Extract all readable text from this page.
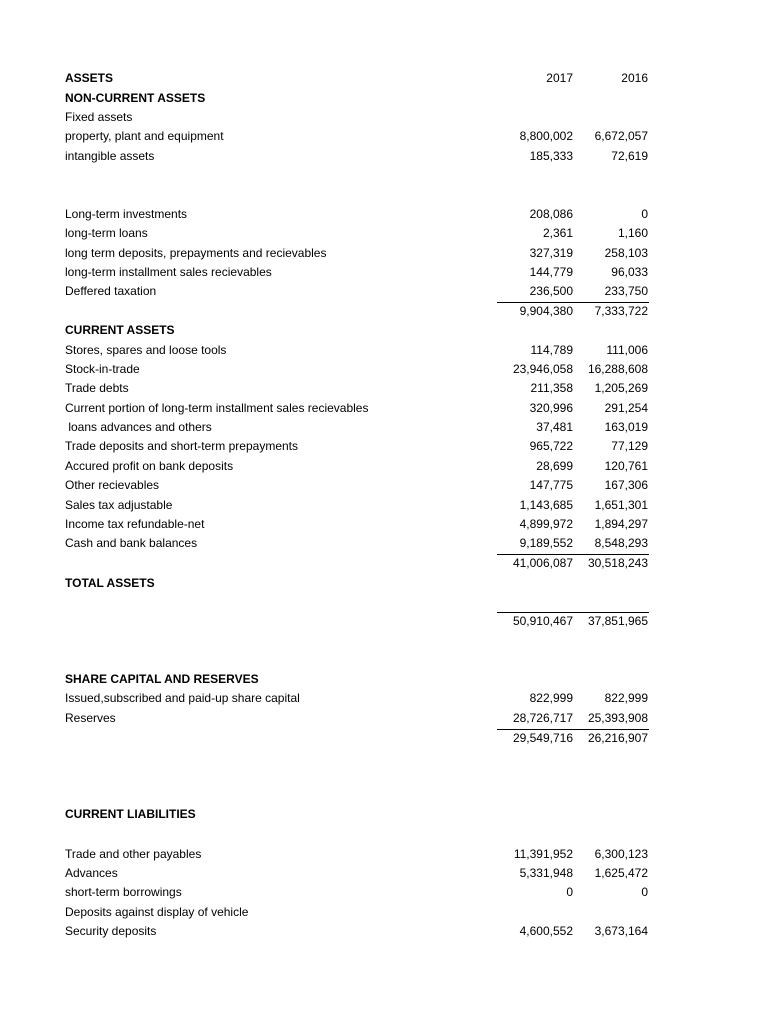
ASSETS	2017	2016
NON-CURRENT ASSETS
Fixed assets
property, plant and equipment	8,800,002 6,672,057
intangible assets	185,333	72,619
Long-term investments	208,086	0
long-term loans	2,361	1,160
long term deposits, prepayments and recievables	327,319	258,103
long-term installment sales recievables	144,779	96,033
Deffered taxation	236,500	233,750
9,904,380 7,333,722
CURRENT ASSETS
Stores, spares and loose tools	114,789	111,006
Stock-in-trade	23,946,058 16,288,608
Trade debts	211,358 1,205,269
Current portion of long-term installment sales recievables	320,996	291,254
loans advances and others	37,481	163,019
Trade deposits and short-term prepayments	965,722	77,129
Accured profit on bank deposits	28,699	120,761
Other recievables	147,775	167,306
Sales tax adjustable	1,143,685 1,651,301
Income tax refundable-net	4,899,972 1,894,297
Cash and bank balances	9,189,552 8,548,293
41,006,087 30,518,243
TOTAL ASSETS
50,910,467 37,851,965
SHARE CAPITAL AND RESERVES
Issued,subscribed and paid-up share capital	822,999	822,999
Reserves	28,726,717 25,393,908
29,549,716 26,216,907
CURRENT LIABILITIES
Trade and other payables	11,391,952 6,300,123
Advances	5,331,948 1,625,472
short-term borrowings	0	0
Deposits against display of vehicle
Security deposits	4,600,552 3,673,164
